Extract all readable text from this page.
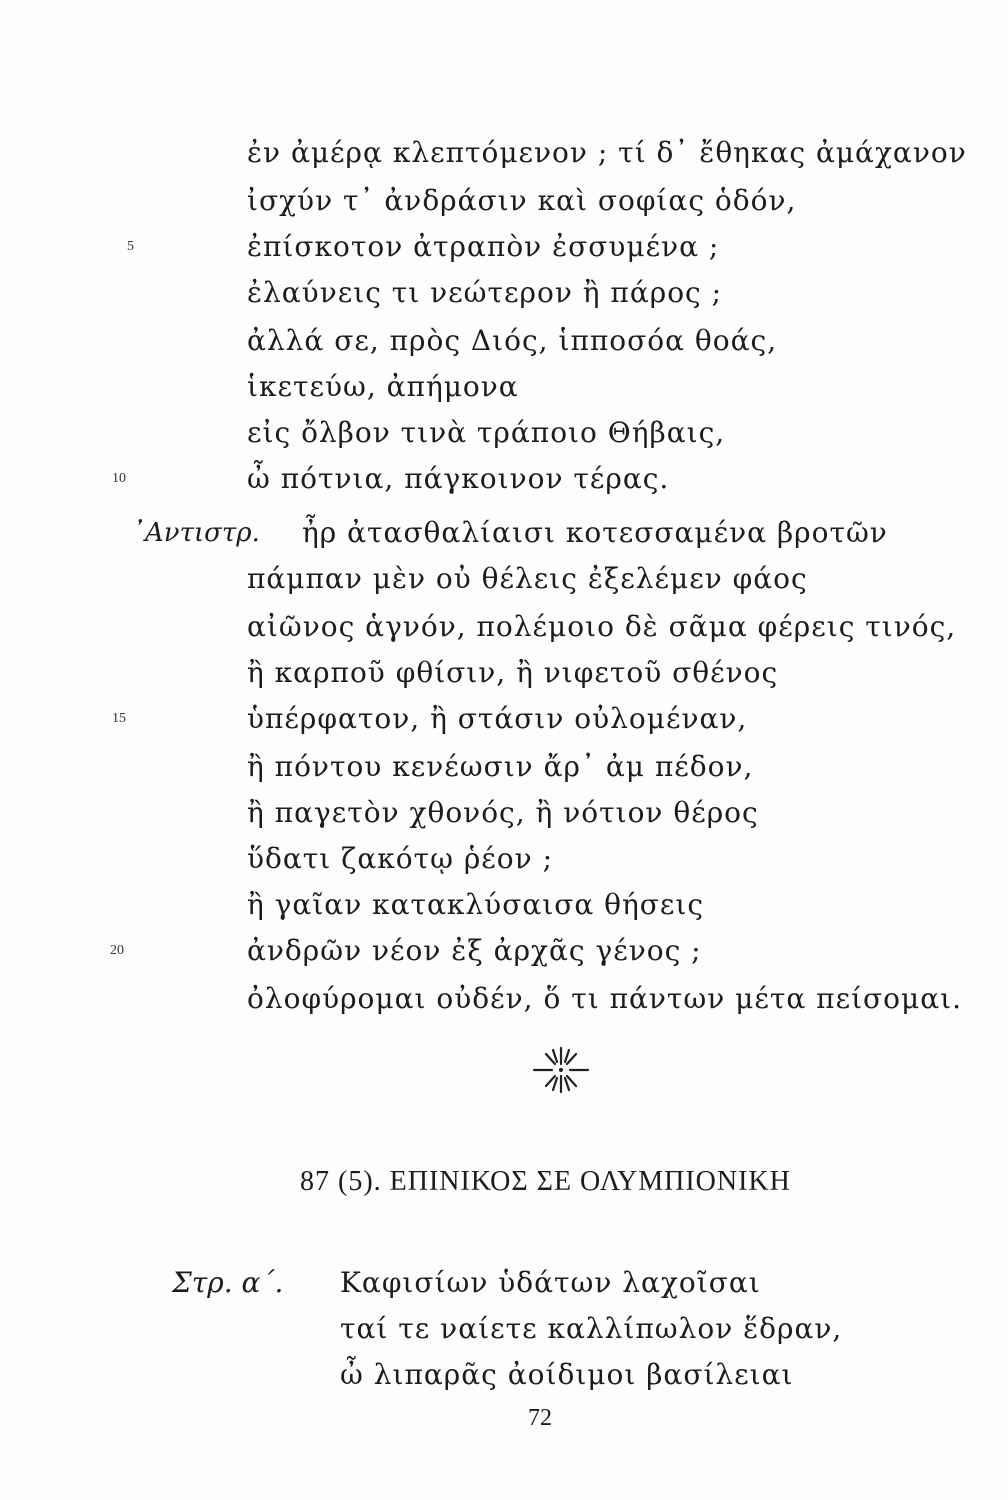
ἐν ἀμέρᾳ κλεπτόμενον ; τί δ᾽ ἔθηκας ἀμάχανον
ἰσχύν τ᾽ ἀνδράσιν καὶ σοφίας ὁδόν,
5	ἐπίσκοτον ἀτραπὸν ἐσσυμένα ;
ἐλαύνεις τι νεώτερον ἢ πάρος ;
ἀλλά σε, πρὸς Διός, ἱπποσόα θοάς,
ἱκετεύω, ἀπήμονα
εἰς ὄλβον τινὰ τράποιο Θήβαις,
10	ὦ πότνια, πάγκοινον τέρας.
᾽Αντιστρ. ἦρ ἀτασθαλίαισι κοτεσσαμένα βροτῶν
πάμπαν μὲν οὐ θέλεις ἐξελέμεν φάος
αἰῶνος ἁγνόν, πολέμοιο δὲ σᾶμα φέρεις τινός,
ἢ καρποῦ φθίσιν, ἢ νιφετοῦ σθένος
15	ὑπέρφατον, ἢ στάσιν οὐλομέναν,
ἢ πόντου κενέωσιν ἄρ᾽ ἀμ πέδον,
ἢ παγετὸν χθονός, ἢ νότιον θέρος
ὕδατι ζακότῳ ῥέον ;
ἢ γαῖαν κατακλύσαισα θήσεις
20	ἀνδρῶν νέον ἐξ ἀρχᾶς γένος ;
ὀλοφύρομαι οὐδέν, ὅ τι πάντων μέτα πείσομαι.
87 (5). ΕΠΙΝΙΚΟΣ ΣΕ ΟΛΥΜΠΙΟΝΙΚΗ
Στρ. α΄. Καφισίων ὑδάτων λαχοῖσαι
ταί τε ναίετε καλλίπωλον ἕδραν,
ὦ λιπαρᾶς ἀοίδιμοι βασίλειαι
72
